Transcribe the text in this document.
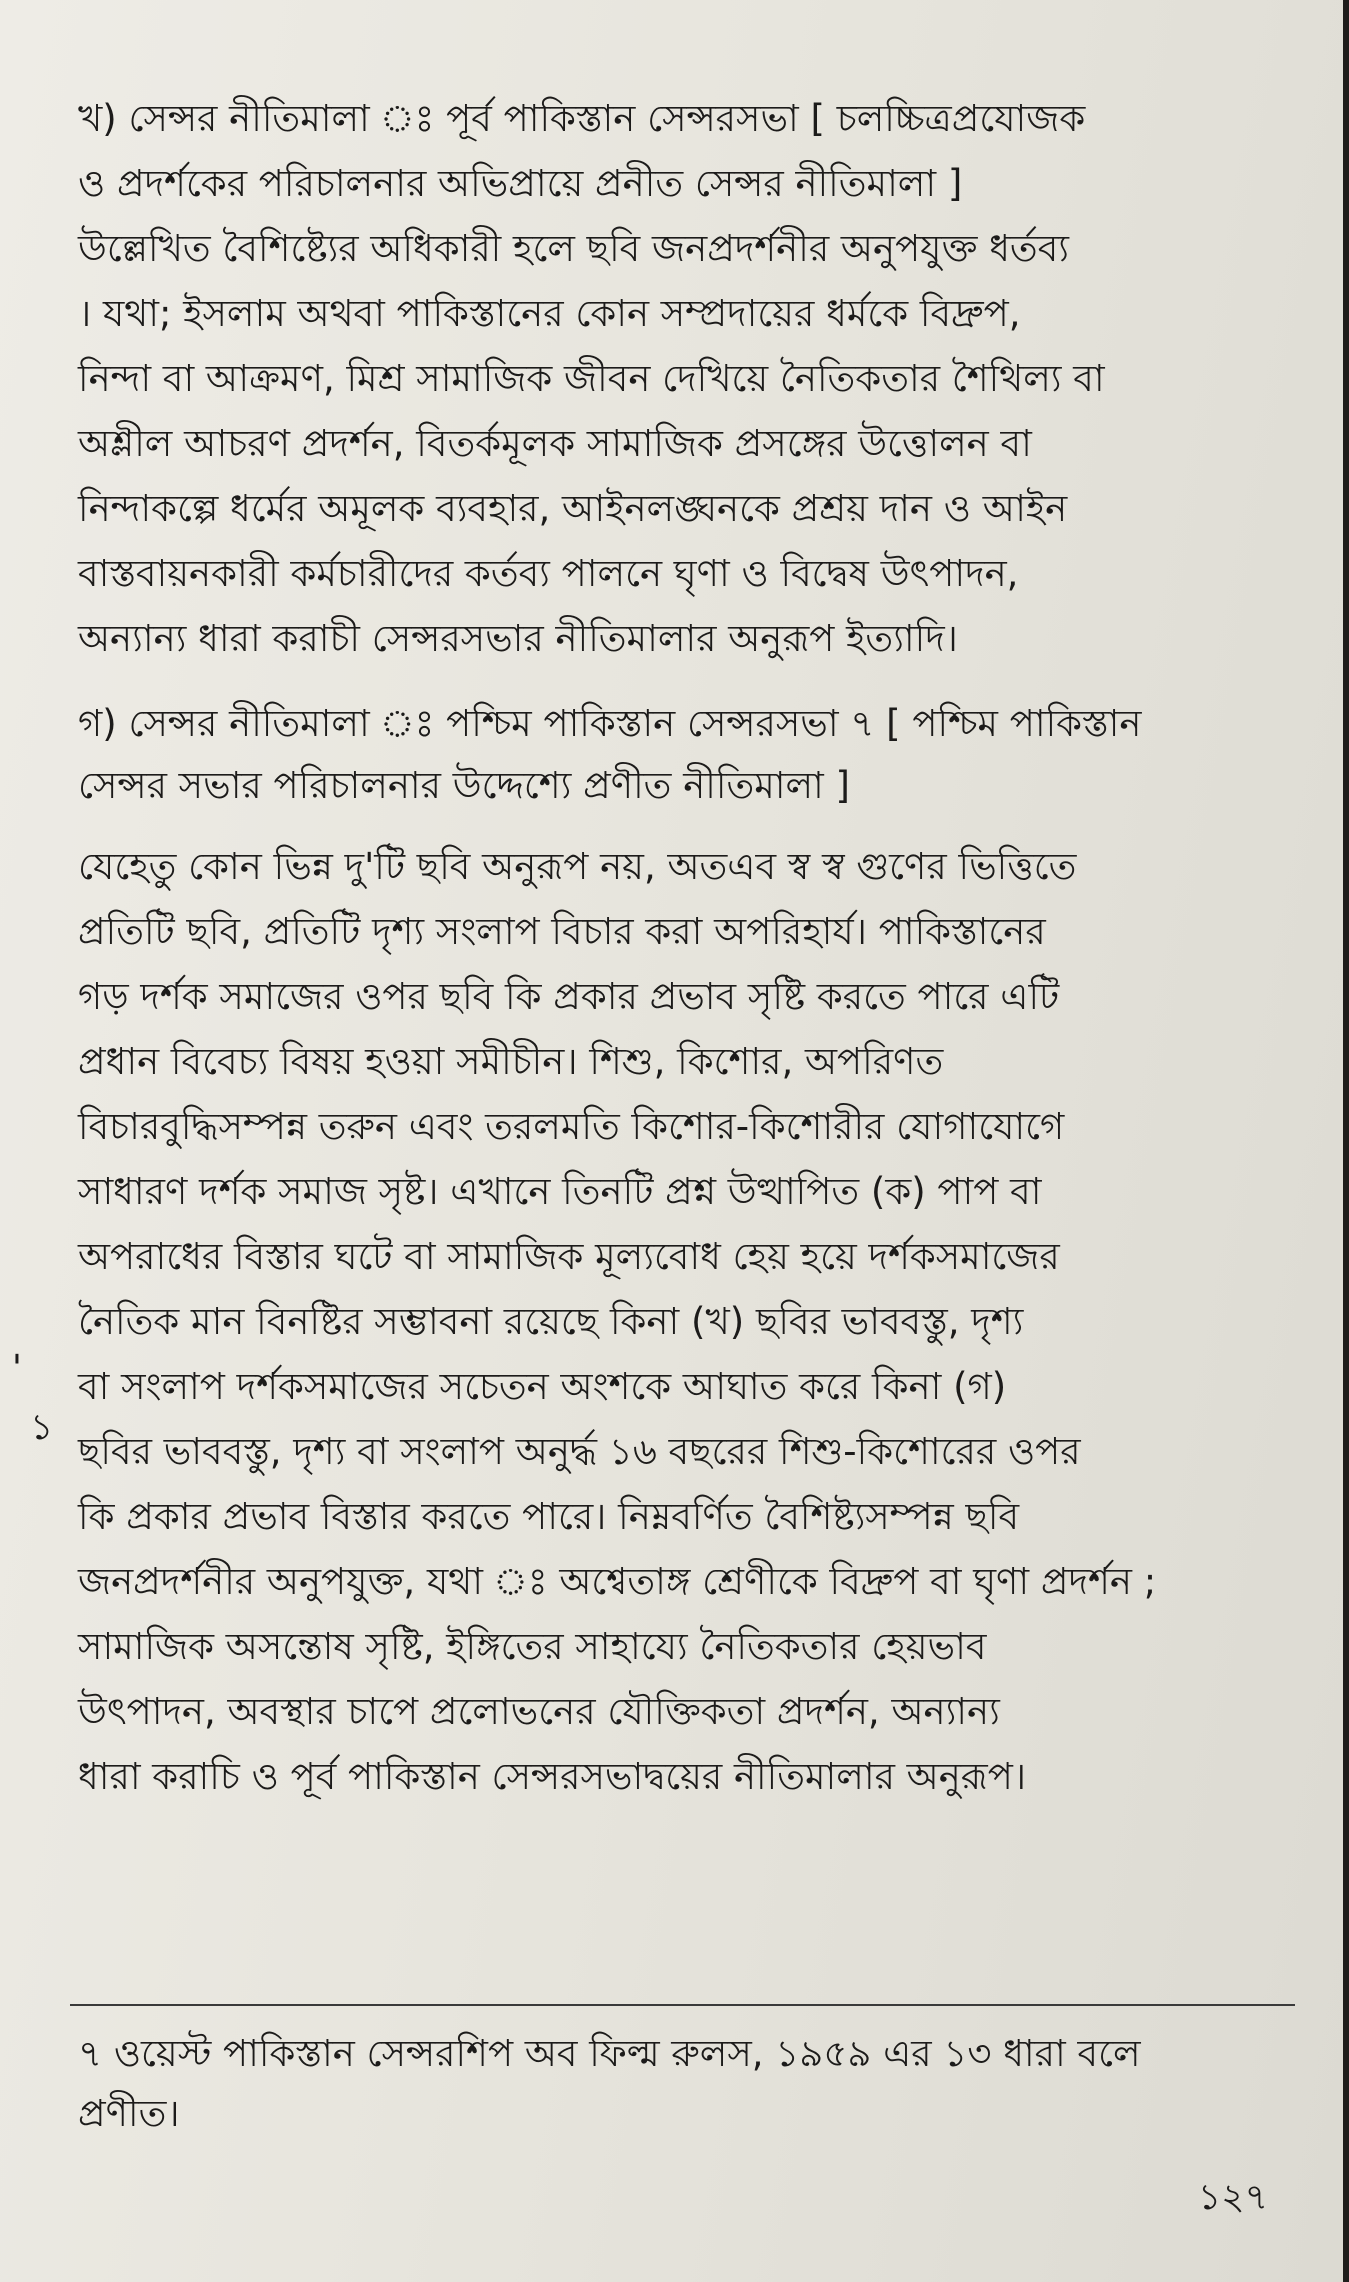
খ) সেন্সর নীতিমালা ঃ পূর্ব পাকিস্তান সেন্সরসভা [ চলচ্চিত্রপ্রযোজক
ও প্রদর্শকের পরিচালনার অভিপ্রায়ে প্রনীত সেন্সর নীতিমালা ]
উল্লেখিত বৈশিষ্ট্যের অধিকারী হলে ছবি জনপ্রদর্শনীর অনুপযুক্ত ধর্তব্য
। যথা; ইসলাম অথবা পাকিস্তানের কোন সম্প্রদায়ের ধর্মকে বিদ্রুপ,
নিন্দা বা আক্রমণ, মিশ্র সামাজিক জীবন দেখিয়ে নৈতিকতার শৈথিল্য বা
অশ্লীল আচরণ প্রদর্শন, বিতর্কমূলক সামাজিক প্রসঙ্গের উত্তোলন বা
নিন্দাকল্পে ধর্মের অমূলক ব্যবহার, আইনলঙ্ঘনকে প্রশ্রয় দান ও আইন
বাস্তবায়নকারী কর্মচারীদের কর্তব্য পালনে ঘৃণা ও বিদ্বেষ উৎপাদন,
অন্যান্য ধারা করাচী সেন্সরসভার নীতিমালার অনুরূপ ইত্যাদি।
গ) সেন্সর নীতিমালা ঃ পশ্চিম পাকিস্তান সেন্সরসভা ৭ [ পশ্চিম পাকিস্তান
সেন্সর সভার পরিচালনার উদ্দেশ্যে প্রণীত নীতিমালা ]
যেহেতু কোন ভিন্ন দু'টি ছবি অনুরূপ নয়, অতএব স্ব স্ব গুণের ভিত্তিতে
প্রতিটি ছবি, প্রতিটি দৃশ্য সংলাপ বিচার করা অপরিহার্য। পাকিস্তানের
গড় দর্শক সমাজের ওপর ছবি কি প্রকার প্রভাব সৃষ্টি করতে পারে এটি
প্রধান বিবেচ্য বিষয় হওয়া সমীচীন। শিশু, কিশোর, অপরিণত
বিচারবুদ্ধিসম্পন্ন তরুন এবং তরলমতি কিশোর-কিশোরীর যোগাযোগে
সাধারণ দর্শক সমাজ সৃষ্ট। এখানে তিনটি প্রশ্ন উত্থাপিত (ক) পাপ বা
অপরাধের বিস্তার ঘটে বা সামাজিক মূল্যবোধ হেয় হয়ে দর্শকসমাজের
নৈতিক মান বিনষ্টির সম্ভাবনা রয়েছে কিনা (খ) ছবির ভাববস্তু, দৃশ্য
বা সংলাপ দর্শকসমাজের সচেতন অংশকে আঘাত করে কিনা (গ)
ছবির ভাববস্তু, দৃশ্য বা সংলাপ অনুর্দ্ধ ১৬ বছরের শিশু-কিশোরের ওপর
কি প্রকার প্রভাব বিস্তার করতে পারে। নিম্নবর্ণিত বৈশিষ্ট্যসম্পন্ন ছবি
জনপ্রদর্শনীর অনুপযুক্ত, যথা ঃ অশ্বেতাঙ্গ শ্রেণীকে বিদ্রুপ বা ঘৃণা প্রদর্শন ;
সামাজিক অসন্তোষ সৃষ্টি, ইঙ্গিতের সাহায্যে নৈতিকতার হেয়ভাব
উৎপাদন, অবস্থার চাপে প্রলোভনের যৌক্তিকতা প্রদর্শন, অন্যান্য
ধারা করাচি ও পূর্ব পাকিস্তান সেন্সরসভাদ্বয়ের নীতিমালার অনুরূপ।
'
১
৭ ওয়েস্ট পাকিস্তান সেন্সরশিপ অব ফিল্ম রুলস, ১৯৫৯ এর ১৩ ধারা বলে
প্রণীত।
১২৭
